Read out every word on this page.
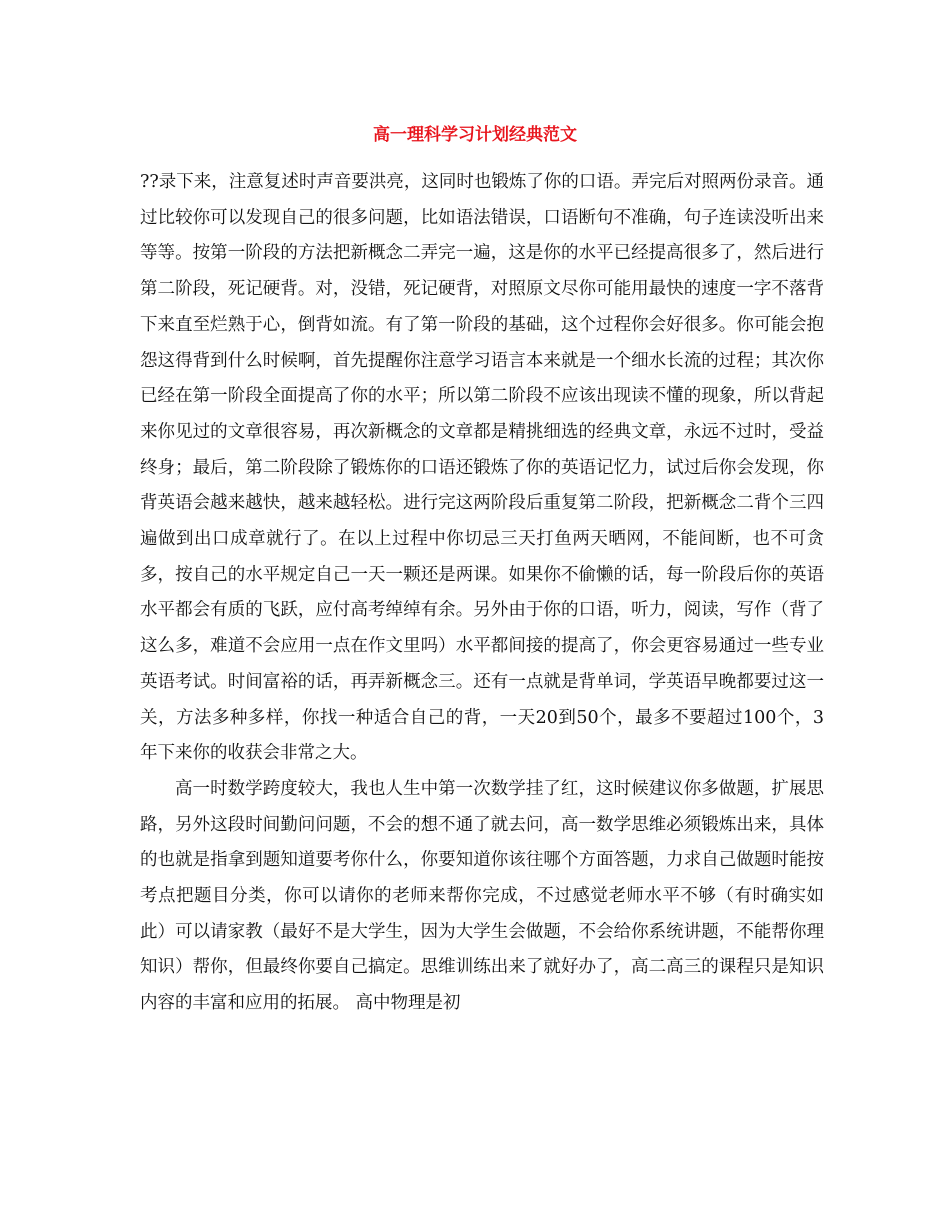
高一理科学习计划经典范文

??录下来，注意复述时声音要洪亮，这同时也锻炼了你的口语。弄完后对照两份录音。通过比较你可以发现自己的很多问题，比如语法错误，口语断句不准确，句子连读没听出来等等。按第一阶段的方法把新概念二弄完一遍，这是你的水平已经提高很多了，然后进行第二阶段，死记硬背。对，没错，死记硬背，对照原文尽你可能用最快的速度一字不落背下来直至烂熟于心，倒背如流。有了第一阶段的基础，这个过程你会好很多。你可能会抱怨这得背到什么时候啊，首先提醒你注意学习语言本来就是一个细水长流的过程；其次你已经在第一阶段全面提高了你的水平；所以第二阶段不应该出现读不懂的现象，所以背起来你见过的文章很容易，再次新概念的文章都是精挑细选的经典文章，永远不过时，受益终身；最后，第二阶段除了锻炼你的口语还锻炼了你的英语记忆力，试过后你会发现，你背英语会越来越快，越来越轻松。进行完这两阶段后重复第二阶段，把新概念二背个三四遍做到出口成章就行了。在以上过程中你切忌三天打鱼两天晒网，不能间断，也不可贪多，按自己的水平规定自己一天一颗还是两课。如果你不偷懒的话，每一阶段后你的英语水平都会有质的飞跃，应付高考绰绰有余。另外由于你的口语，听力，阅读，写作（背了这么多，难道不会应用一点在作文里吗）水平都间接的提高了，你会更容易通过一些专业英语考试。时间富裕的话，再弄新概念三。还有一点就是背单词，学英语早晚都要过这一关，方法多种多样，你找一种适合自己的背，一天20到50个，最多不要超过100个，3年下来你的收获会非常之大。

高一时数学跨度较大，我也人生中第一次数学挂了红，这时候建议你多做题，扩展思路，另外这段时间勤问问题，不会的想不通了就去问，高一数学思维必须锻炼出来，具体的也就是指拿到题知道要考你什么，你要知道你该往哪个方面答题，力求自己做题时能按考点把题目分类，你可以请你的老师来帮你完成，不过感觉老师水平不够（有时确实如此）可以请家教（最好不是大学生，因为大学生会做题，不会给你系统讲题，不能帮你理知识）帮你，但最终你要自己搞定。思维训练出来了就好办了，高二高三的课程只是知识内容的丰富和应用的拓展。 高中物理是初
